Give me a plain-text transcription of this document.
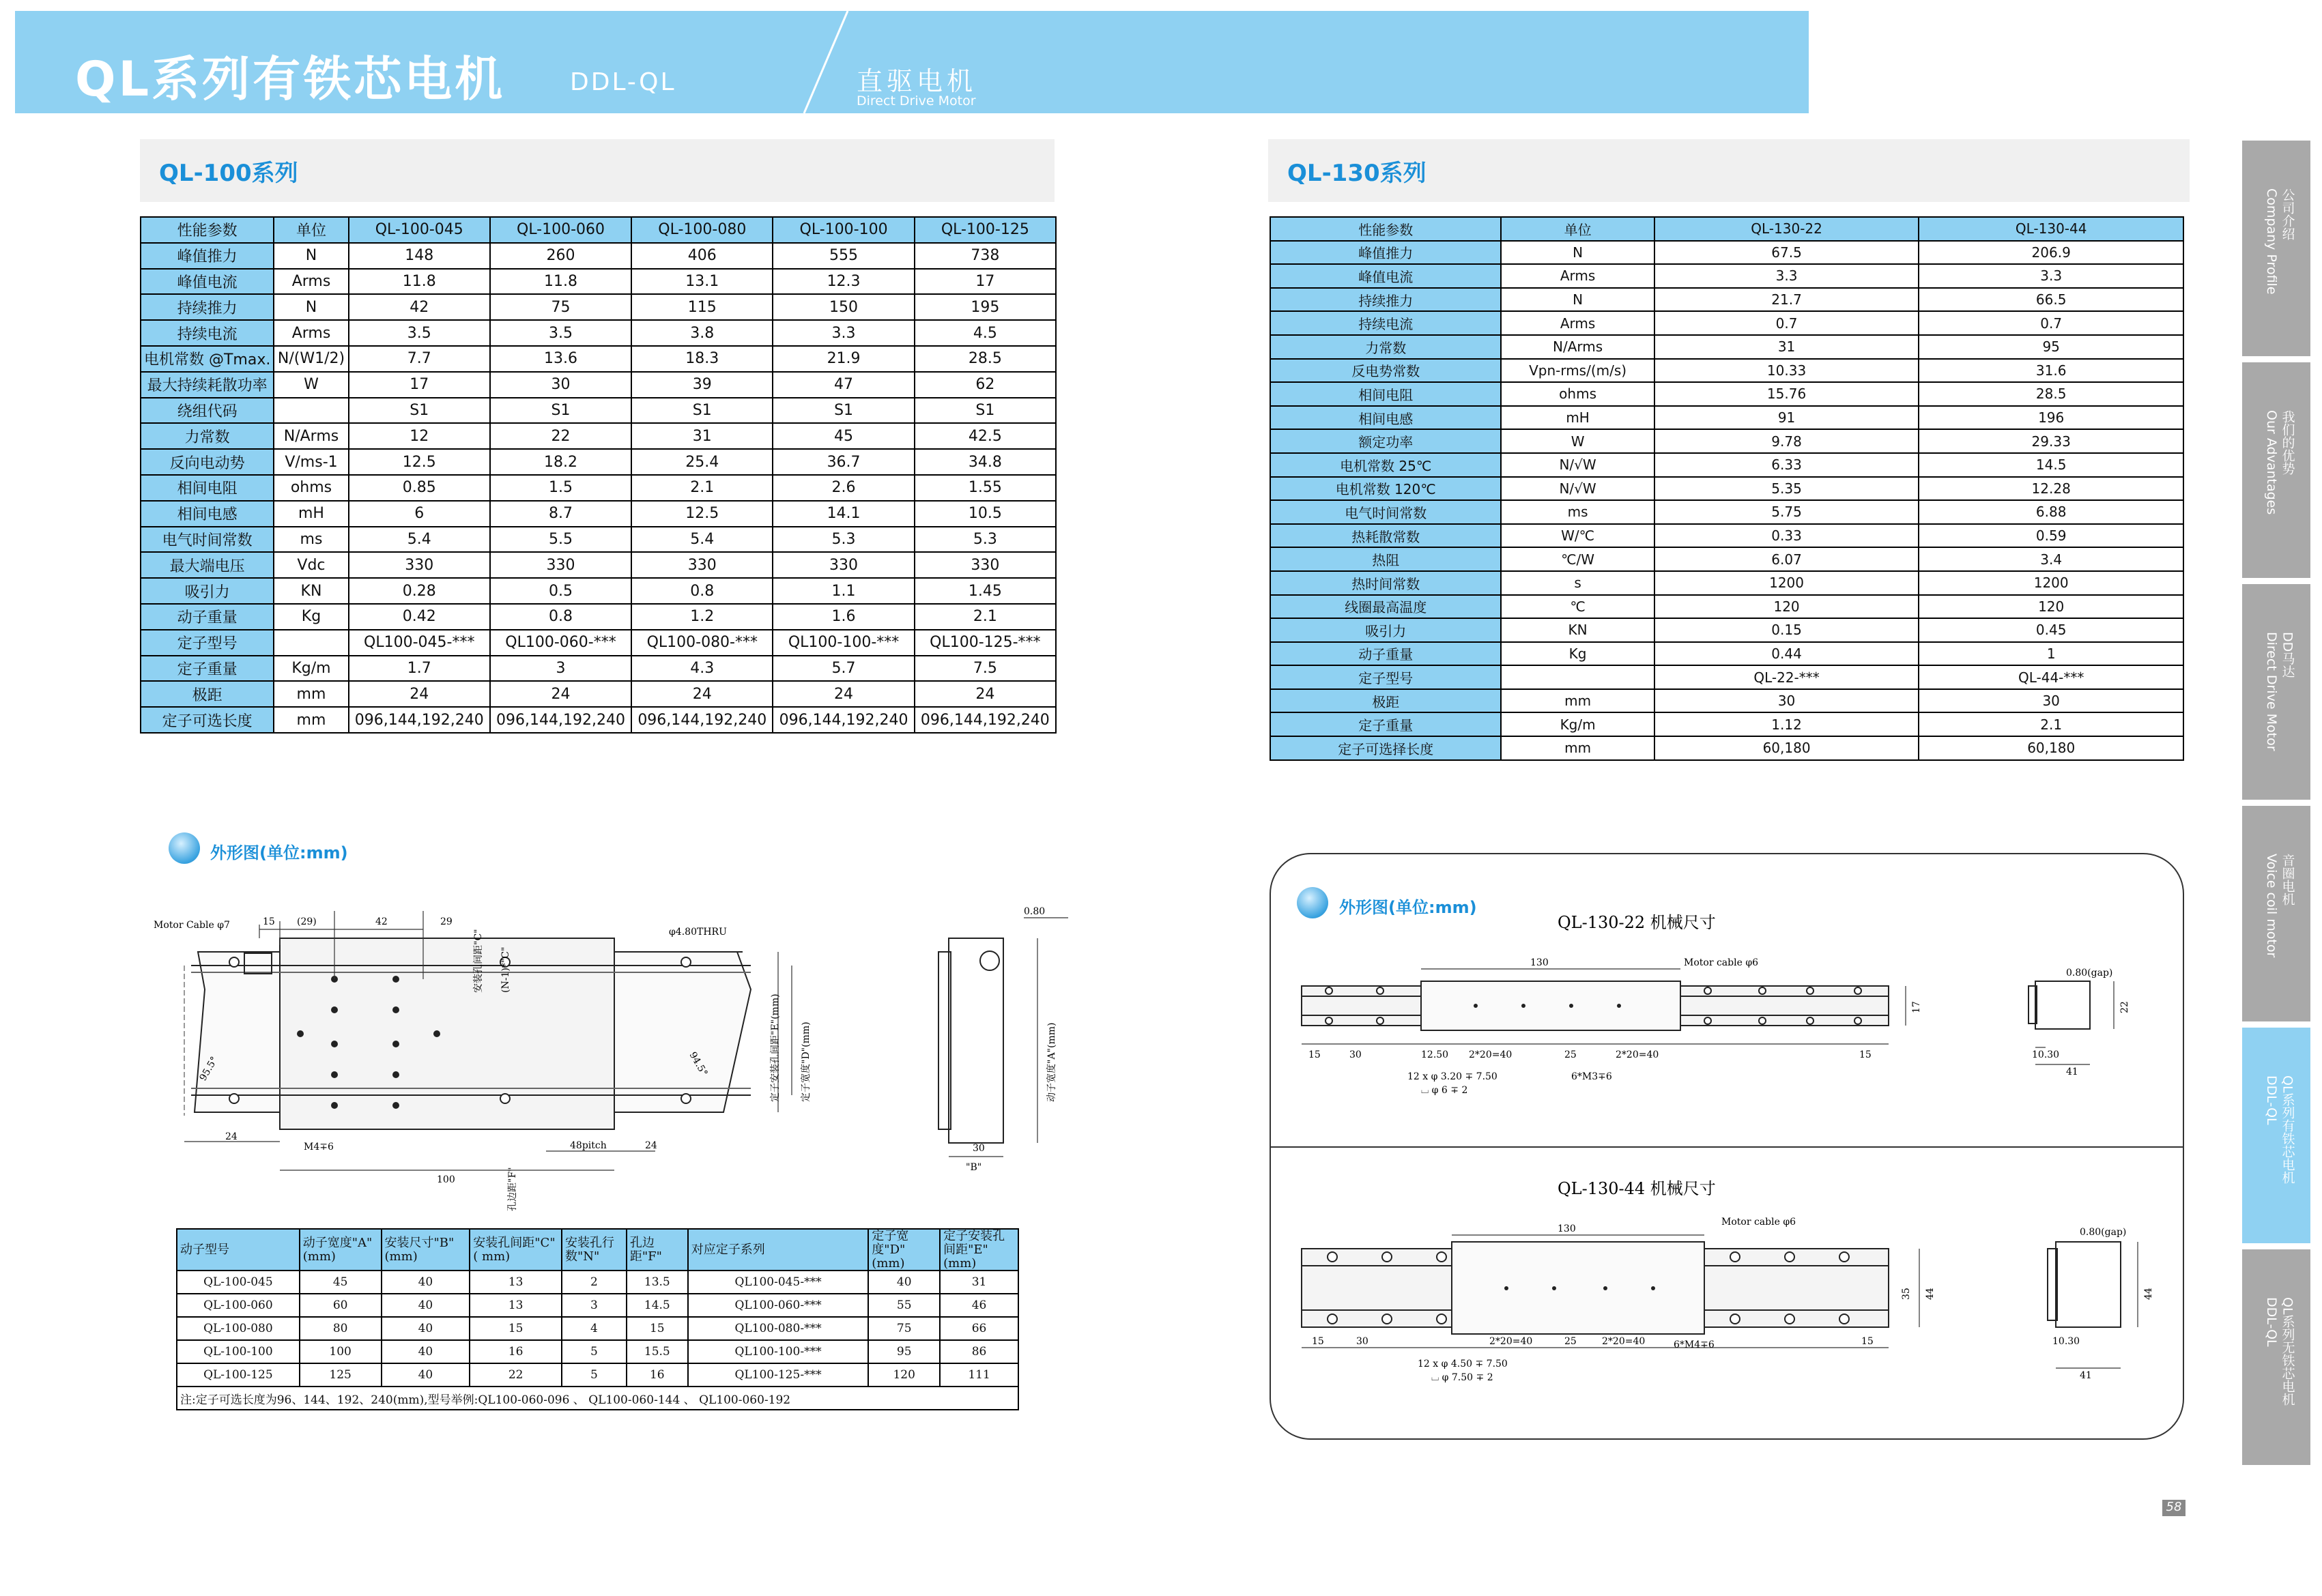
QL系列有铁芯电机	DDL-QL	直驱电机
Direct Drive Motor
QL-100系列
性能参数	单位	QL-100-045	QL-100-060	QL-100-080	QL-100-100	QL-100-125
峰值推力	N	148	260	406	555	738
峰值电流	Arms	11.8	11.8	13.1	12.3	17
持续推力	N	42	75	115	150	195
持续电流	Arms	3.5	3.5	3.8	3.3	4.5
电机常数 @Tmax.	N/(W1/2)	7.7	13.6	18.3	21.9	28.5
最大持续耗散功率	W	17	30	39	47	62
绕组代码		S1	S1	S1	S1	S1
力常数	N/Arms	12	22	31	45	42.5
反向电动势	V/ms-1	12.5	18.2	25.4	36.7	34.8
相间电阻	ohms	0.85	1.5	2.1	2.6	1.55
相间电感	mH	6	8.7	12.5	14.1	10.5
电气时间常数	ms	5.4	5.5	5.4	5.3	5.3
最大端电压	Vdc	330	330	330	330	330
吸引力	KN	0.28	0.5	0.8	1.1	1.45
动子重量	Kg	0.42	0.8	1.2	1.6	2.1
定子型号		QL100-045-***	QL100-060-***	QL100-080-***	QL100-100-***	QL100-125-***
定子重量	Kg/m	1.7	3	4.3	5.7	7.5
极距	mm	24	24	24	24	24
定子可选长度	mm	096,144,192,240	096,144,192,240	096,144,192,240	096,144,192,240	096,144,192,240
外形图(单位:mm)
Motor Cable φ7	15 (29)	42	29
φ4.80THRU
0.80
M4∓6
24
100
48pitch	24	30
"B"
95.5°	94.5°
安装孔间距"C" (N-1)*"C"
孔边距"F"
定子安装孔间距"E"(mm) 定子宽度"D"(mm)	动子宽度"A"(mm)
动子型号	动子宽度"A"(mm)	安装尺寸"B"(mm)	安装孔间距"C"( mm)	安装孔行数"N"	孔边距"F"	对应定子系列	定子宽度"D"(mm)	定子安装孔间距"E"(mm)
QL-100-045	45	40	13	2	13.5	QL100-045-***	40	31
QL-100-060	60	40	13	3	14.5	QL100-060-***	55	46
QL-100-080	80	40	15	4	15	QL100-080-***	75	66
QL-100-100	100	40	16	5	15.5	QL100-100-***	95	86
QL-100-125	125	40	22	5	16	QL100-125-***	120	111
注:定子可选长度为96、144、192、240(mm),型号举例:QL100-060-096 、 QL100-060-144 、 QL100-060-192								
QL-130系列
性能参数	单位	QL-130-22	QL-130-44
峰值推力	N	67.5	206.9
峰值电流	Arms	3.3	3.3
持续推力	N	21.7	66.5
持续电流	Arms	0.7	0.7
力常数	N/Arms	31	95
反电势常数	Vpn-rms/(m/s)	10.33	31.6
相间电阻	ohms	15.76	28.5
相间电感	mH	91	196
额定功率	W	9.78	29.33
电机常数 25℃	N/√W	6.33	14.5
电机常数 120℃	N/√W	5.35	12.28
电气时间常数	ms	5.75	6.88
热耗散常数	W/℃	0.33	0.59
热阻	℃/W	6.07	3.4
热时间常数	s	1200	1200
线圈最高温度	℃	120	120
吸引力	KN	0.15	0.45
动子重量	Kg	0.44	1
定子型号		QL-22-***	QL-44-***
极距	mm	30	30
定子重量	Kg/m	1.12	2.1
定子可选择长度	mm	60,180	60,180
外形图(单位:mm)
QL-130-22 机械尺寸
130	Motor cable φ6
0.80(gap)
17	22
15	30	12.50 2*20=40	25	2*20=40	15	10.30
41
12 x φ 3.20 ∓ 7.50
⌴ φ 6 ∓ 2
6*M3∓6
QL-130-44 机械尺寸
130
Motor cable φ6
0.80(gap)
35 44	44
15	30	2*20=40	25	2*20=40	15	10.30
41
12 x φ 4.50 ∓ 7.50
⌴ φ 7.50 ∓ 2
6*M4∓6
公司介绍
Company Profile
我们的优势
Our Advantages
DD马达
Direct Drive Motor
音圈电机
Voice coil motor
QL系列有铁芯电机
DDL-QL
QL系列无铁芯电机
DDL-QL
58
